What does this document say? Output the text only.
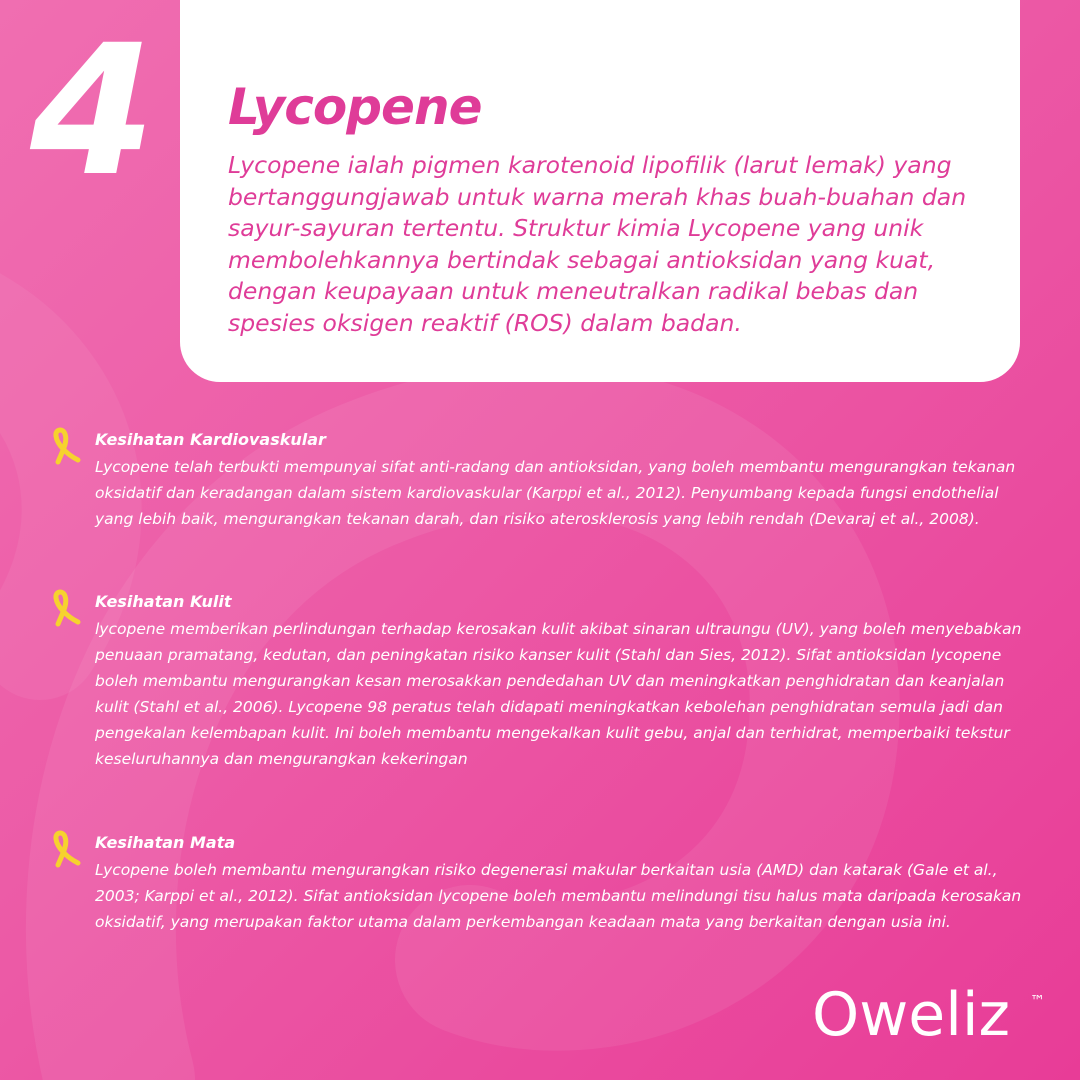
4 Lycopene

Lycopene ialah pigmen karotenoid lipofilik (larut lemak) yang bertanggungjawab untuk warna merah khas buah-buahan dan sayur-sayuran tertentu. Struktur kimia Lycopene yang unik membolehkannya bertindak sebagai antioksidan yang kuat, dengan keupayaan untuk meneutralkan radikal bebas dan spesies oksigen reaktif (ROS) dalam badan.

Kesihatan Kardiovaskular

Lycopene telah terbukti mempunyai sifat anti-radang dan antioksidan, yang boleh membantu mengurangkan tekanan oksidatif dan keradangan dalam sistem kardiovaskular (Karppi et al., 2012). Penyumbang kepada fungsi endothelial yang lebih baik, mengurangkan tekanan darah, dan risiko aterosklerosis yang lebih rendah (Devaraj et al., 2008).

Kesihatan Kulit

lycopene memberikan perlindungan terhadap kerosakan kulit akibat sinaran ultraungu (UV), yang boleh menyebabkan penuaan pramatang, kedutan, dan peningkatan risiko kanser kulit (Stahl dan Sies, 2012). Sifat antioksidan lycopene boleh membantu mengurangkan kesan merosakkan pendedahan UV dan meningkatkan penghidratan dan keanjalan kulit (Stahl et al., 2006). Lycopene 98 peratus telah didapati meningkatkan kebolehan penghidratan semula jadi dan pengekalan kelembapan kulit. Ini boleh membantu mengekalkan kulit gebu, anjal dan terhidrat, memperbaiki tekstur keseluruhannya dan mengurangkan kekeringan

Kesihatan Mata

Lycopene boleh membantu mengurangkan risiko degenerasi makular berkaitan usia (AMD) dan katarak (Gale et al., 2003; Karppi et al., 2012). Sifat antioksidan lycopene boleh membantu melindungi tisu halus mata daripada kerosakan oksidatif, yang merupakan faktor utama dalam perkembangan keadaan mata yang berkaitan dengan usia ini.

Oweliz ™
